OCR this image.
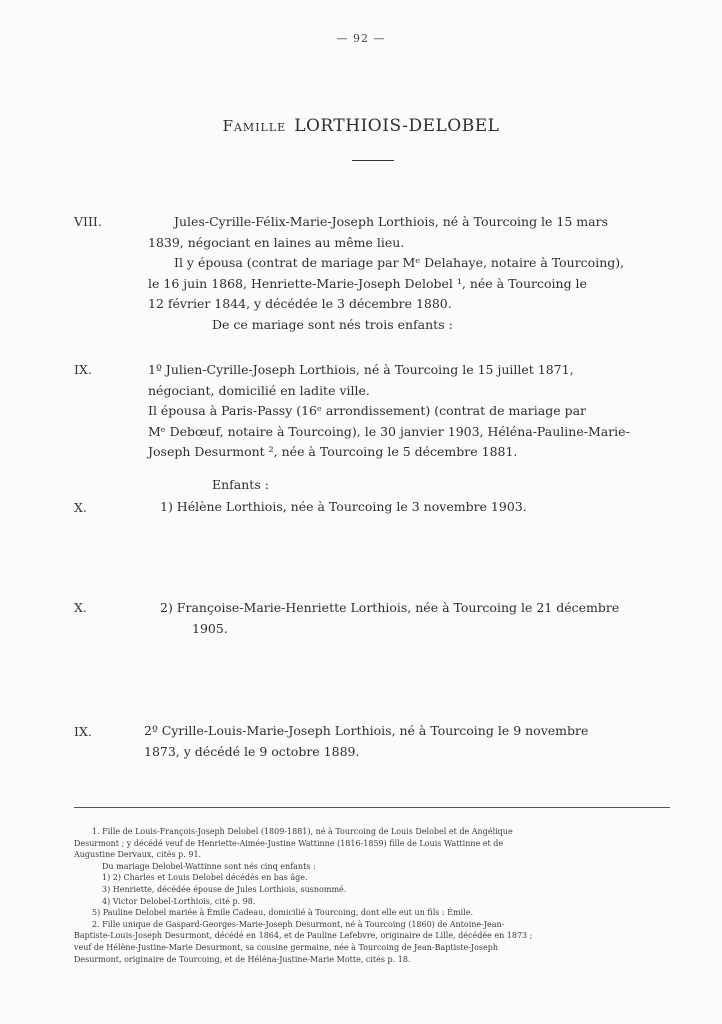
— 92 —
Famille LORTHIOIS-DELOBEL
VIII.	Jules-Cyrille-Félix-Marie-Joseph Lorthiois, né à Tourcoing le 15 mars

1839, négociant en laines au même lieu.

Il y épousa (contrat de mariage par Mᵉ Delahaye, notaire à Tourcoing),

le 16 juin 1868, Henriette-Marie-Joseph Delobel ¹, née à Tourcoing le

12 février 1844, y décédée le 3 décembre 1880.

De ce mariage sont nés trois enfants :

IX.	1º Julien-Cyrille-Joseph Lorthiois, né à Tourcoing le 15 juillet 1871,

négociant, domicilié en ladite ville.

Il épousa à Paris-Passy (16ᵉ arrondissement) (contrat de mariage par

Mᵉ Debœuf, notaire à Tourcoing), le 30 janvier 1903, Héléna-Pauline-Marie-

Joseph Desurmont ², née à Tourcoing le 5 décembre 1881.

Enfants :

X.	1) Hélène Lorthiois, née à Tourcoing le 3 novembre 1903.

X.	2) Françoise-Marie-Henriette Lorthiois, née à Tourcoing le 21 décembre

1905.

IX.	2º Cyrille-Louis-Marie-Joseph Lorthiois, né à Tourcoing le 9 novembre

1873, y décédé le 9 octobre 1889.

1. Fille de Louis-François-Joseph Delobel (1809-1881), né à Tourcoing de Louis Delobel et de Angélique

Desurmont ; y décédé veuf de Henriette-Aimée-Justine Wattinne (1816-1859) fille de Louis Wattinne et de

Augustine Dervaux, cités p. 91.

Du mariage Delobel-Wattinne sont nés cinq enfants :

1) 2) Charles et Louis Delobel décédés en bas âge.

3) Henriette, décédée épouse de Jules Lorthiois, susnommé.

4) Victor Delobel-Lorthiois, cité p. 98.

5) Pauline Delobel mariée à Émile Cadeau, domicilié à Tourcoing, dont elle eut un fils : Émile.

2. Fille unique de Gaspard-Georges-Marie-Joseph Desurmont, né à Tourcoing (1860) de Antoine-Jean-

Baptiste-Louis-Joseph Desurmont, décédé en 1864, et de Pauline Lefebvre, originaire de Lille, décédée en 1873 ;

veuf de Hélène-Justine-Marie Desurmont, sa cousine germaine, née à Tourcoing de Jean-Baptiste-Joseph

Desurmont, originaire de Tourcoing, et de Héléna-Justine-Marie Motte, cités p. 18.
